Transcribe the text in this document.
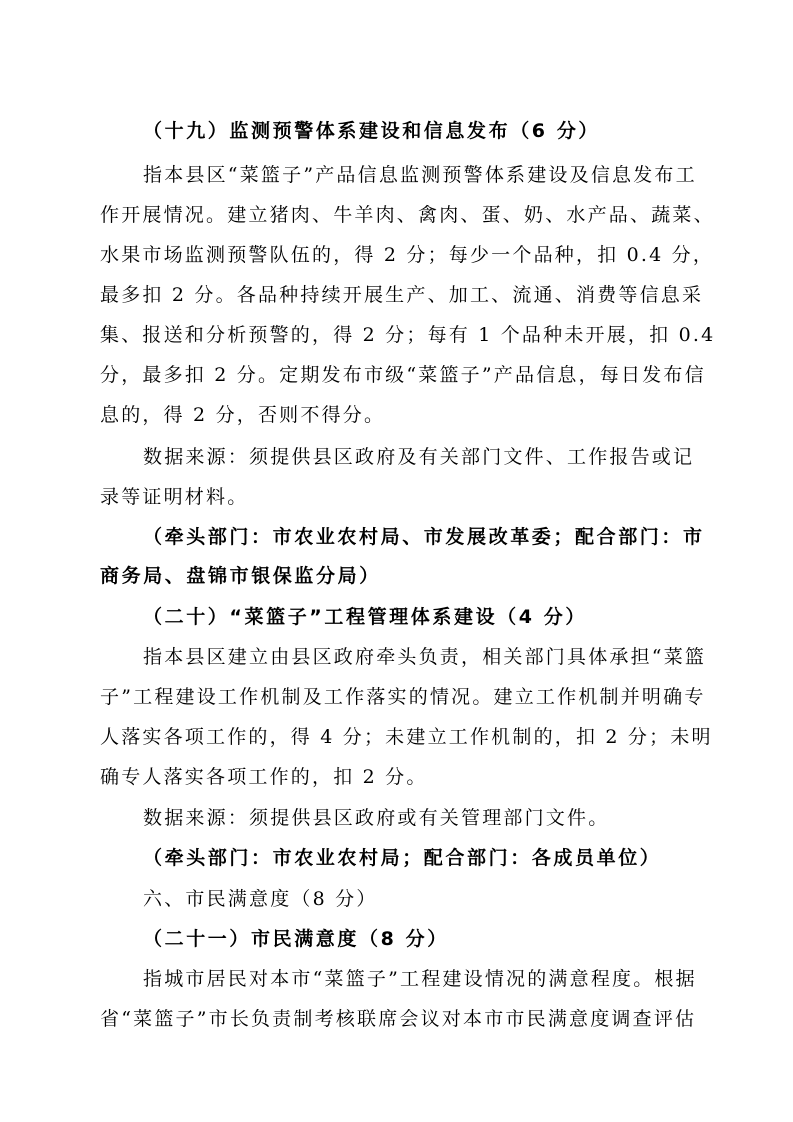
（十九）监测预警体系建设和信息发布（6 分）
指本县区“菜篮子”产品信息监测预警体系建设及信息发布工
作开展情况。建立猪肉、牛羊肉、禽肉、蛋、奶、水产品、蔬菜、
水果市场监测预警队伍的，得 2 分；每少一个品种，扣 0.4 分，
最多扣 2 分。各品种持续开展生产、加工、流通、消费等信息采
集、报送和分析预警的，得 2 分；每有 1 个品种未开展，扣 0.4
分，最多扣 2 分。定期发布市级“菜篮子”产品信息，每日发布信
息的，得 2 分，否则不得分。
数据来源：须提供县区政府及有关部门文件、工作报告或记
录等证明材料。
（牵头部门：市农业农村局、市发展改革委；配合部门：市
商务局、盘锦市银保监分局）
（二十）“菜篮子”工程管理体系建设（4 分）
指本县区建立由县区政府牵头负责，相关部门具体承担“菜篮
子”工程建设工作机制及工作落实的情况。建立工作机制并明确专
人落实各项工作的，得 4 分；未建立工作机制的，扣 2 分；未明
确专人落实各项工作的，扣 2 分。
数据来源：须提供县区政府或有关管理部门文件。
（牵头部门：市农业农村局；配合部门：各成员单位）
六、市民满意度（8 分）
（二十一）市民满意度（8 分）
指城市居民对本市“菜篮子”工程建设情况的满意程度。根据
省“菜篮子”市长负责制考核联席会议对本市市民满意度调查评估
